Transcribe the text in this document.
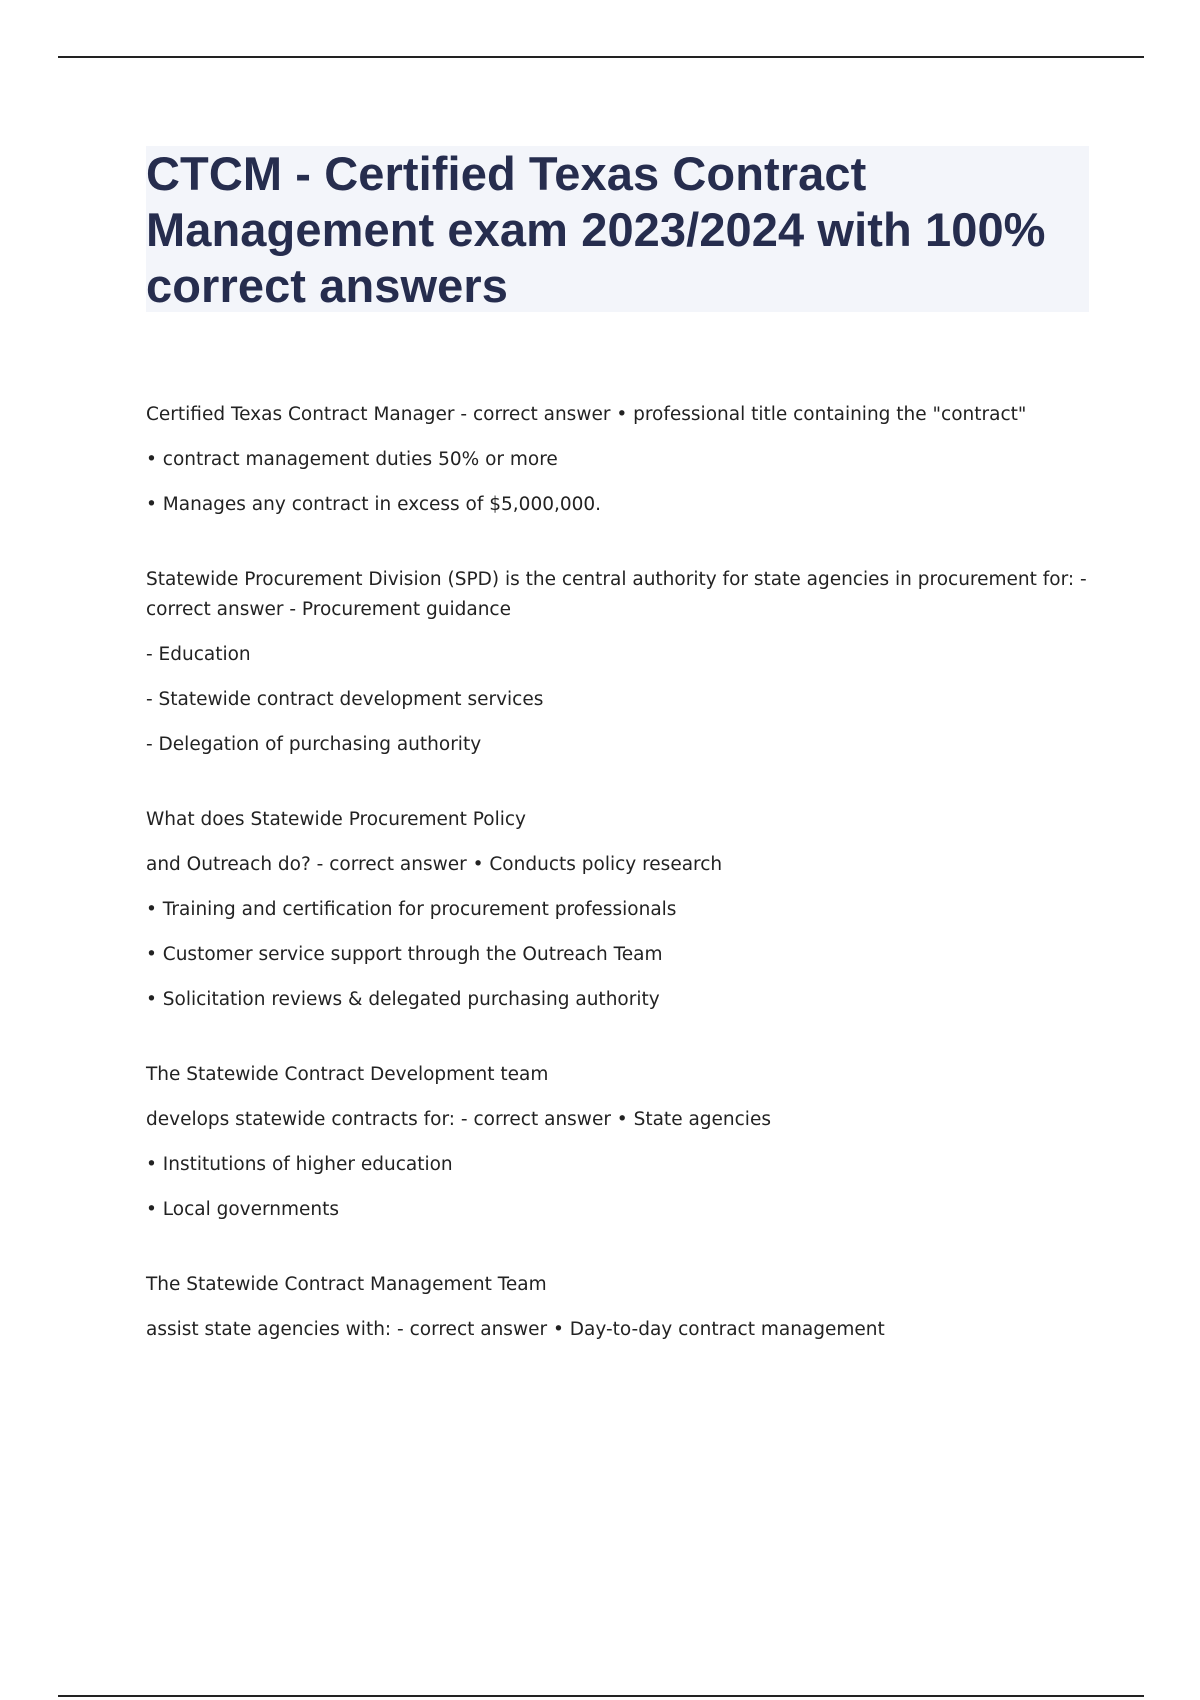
CTCM - Certified Texas Contract Management exam 2023/2024 with 100% correct answers

Certified Texas Contract Manager - correct answer • professional title containing the "contract"

• contract management duties 50% or more

• Manages any contract in excess of $5,000,000.

Statewide Procurement Division (SPD) is the central authority for state agencies in procurement for: - correct answer - Procurement guidance

- Education

- Statewide contract development services

- Delegation of purchasing authority

What does Statewide Procurement Policy

and Outreach do? - correct answer • Conducts policy research

• Training and certification for procurement professionals

• Customer service support through the Outreach Team

• Solicitation reviews & delegated purchasing authority

The Statewide Contract Development team

develops statewide contracts for: - correct answer • State agencies

• Institutions of higher education

• Local governments

The Statewide Contract Management Team

assist state agencies with: - correct answer • Day-to-day contract management
